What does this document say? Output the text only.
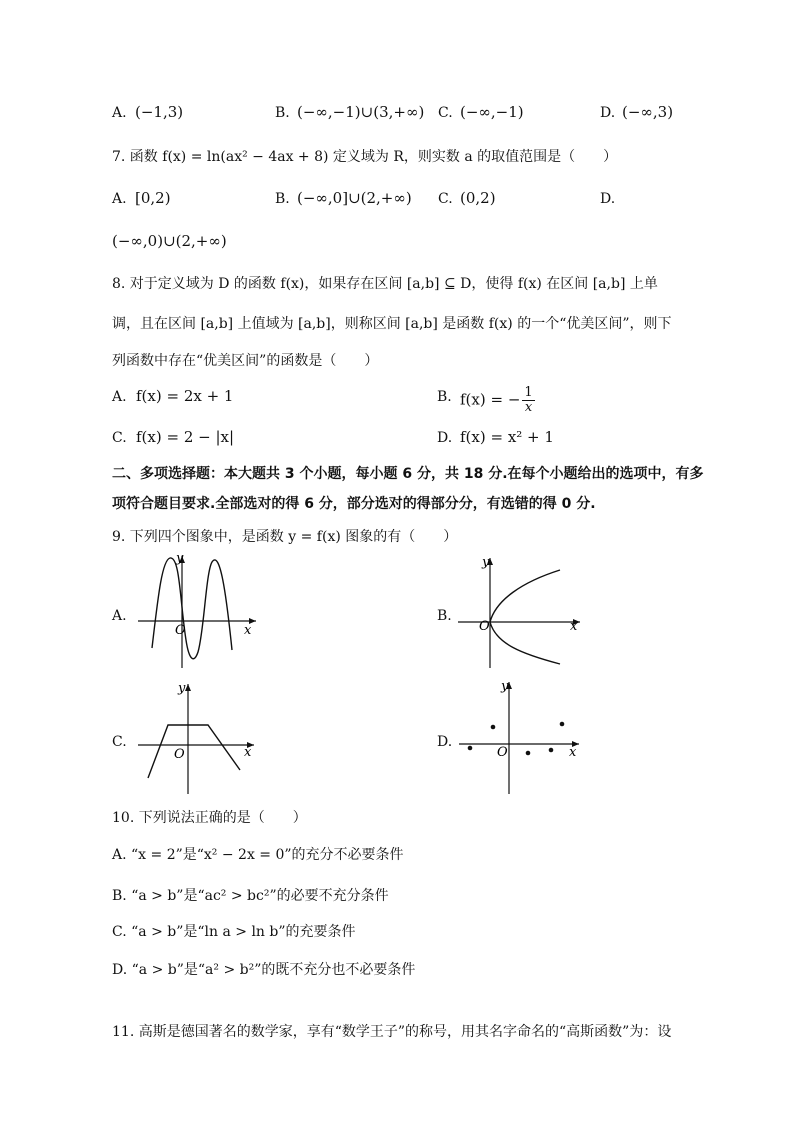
A. (−1,3)	B. (−∞,−1)∪(3,+∞) C. (−∞,−1)	D. (−∞,3)
7. 函数 f(x) = ln(ax² − 4ax + 8) 定义域为 R，则实数 a 的取值范围是（　　）
A. [0,2)	B. (−∞,0]∪(2,+∞) C. (0,2)	D.
(−∞,0)∪(2,+∞)
8. 对于定义域为 D 的函数 f(x)，如果存在区间 [a,b] ⊆ D，使得 f(x) 在区间 [a,b] 上单
调，且在区间 [a,b] 上值域为 [a,b]，则称区间 [a,b] 是函数 f(x) 的一个“优美区间”，则下
列函数中存在“优美区间”的函数是（　　）
A. f(x) = 2x + 1	B. f(x) = − $\frac{1}{x}$
C. f(x) = 2 − |x|	D. f(x) = x² + 1
二、多项选择题：本大题共 3 个小题，每小题 6 分，共 18 分.在每个小题给出的选项中，有多
项符合题目要求.全部选对的得 6 分，部分选对的得部分分，有选错的得 0 分.
9. 下列四个图象中，是函数 y = f(x) 图象的有（　　）
A.
y
x
O
B.
y
x
O
C.
y
x
O
D.
y
x
O
10. 下列说法正确的是（　　）
A. “x = 2”是“x² − 2x = 0”的充分不必要条件
B. “a > b”是“ac² > bc²”的必要不充分条件
C. “a > b”是“ln a > ln b”的充要条件
D. “a > b”是“a² > b²”的既不充分也不必要条件
11. 高斯是德国著名的数学家，享有“数学王子”的称号，用其名字命名的“高斯函数”为：设
